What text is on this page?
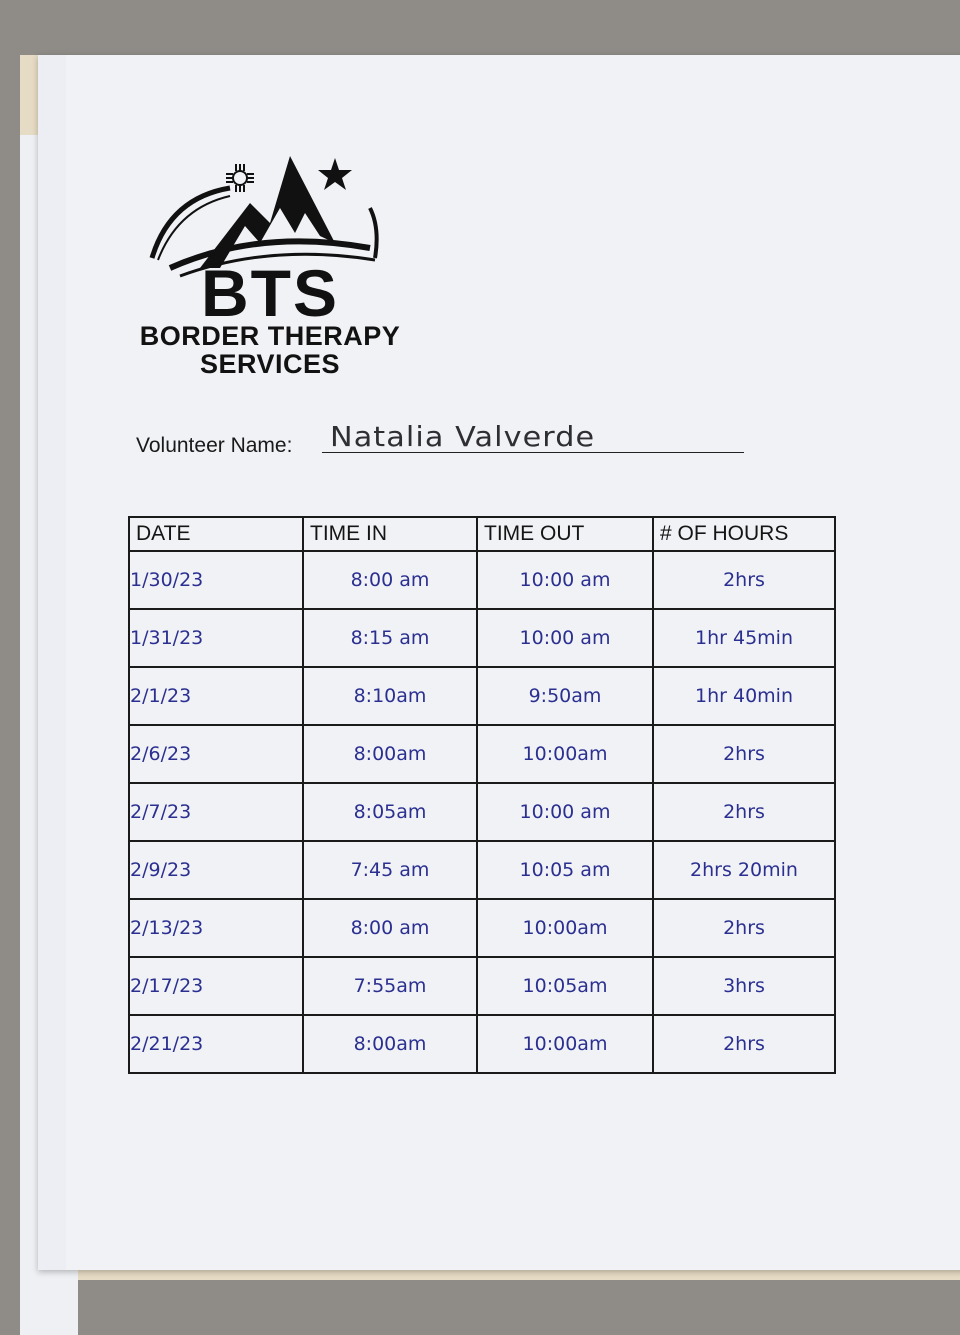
BTS
BORDER THERAPY
SERVICES
Volunteer Name: Natalia Valverde
DATE	TIME IN	TIME OUT	# OF HOURS
1/30/23	8:00 am	10:00 am	2hrs
1/31/23	8:15 am	10:00 am	1hr 45min
2/1/23	8:10am	9:50am	1hr 40min
2/6/23	8:00am	10:00am	2hrs
2/7/23	8:05am	10:00 am	2hrs
2/9/23	7:45 am	10:05 am	2hrs 20min
2/13/23	8:00 am	10:00am	2hrs
2/17/23	7:55am	10:05am	3hrs
2/21/23	8:00am	10:00am	2hrs
